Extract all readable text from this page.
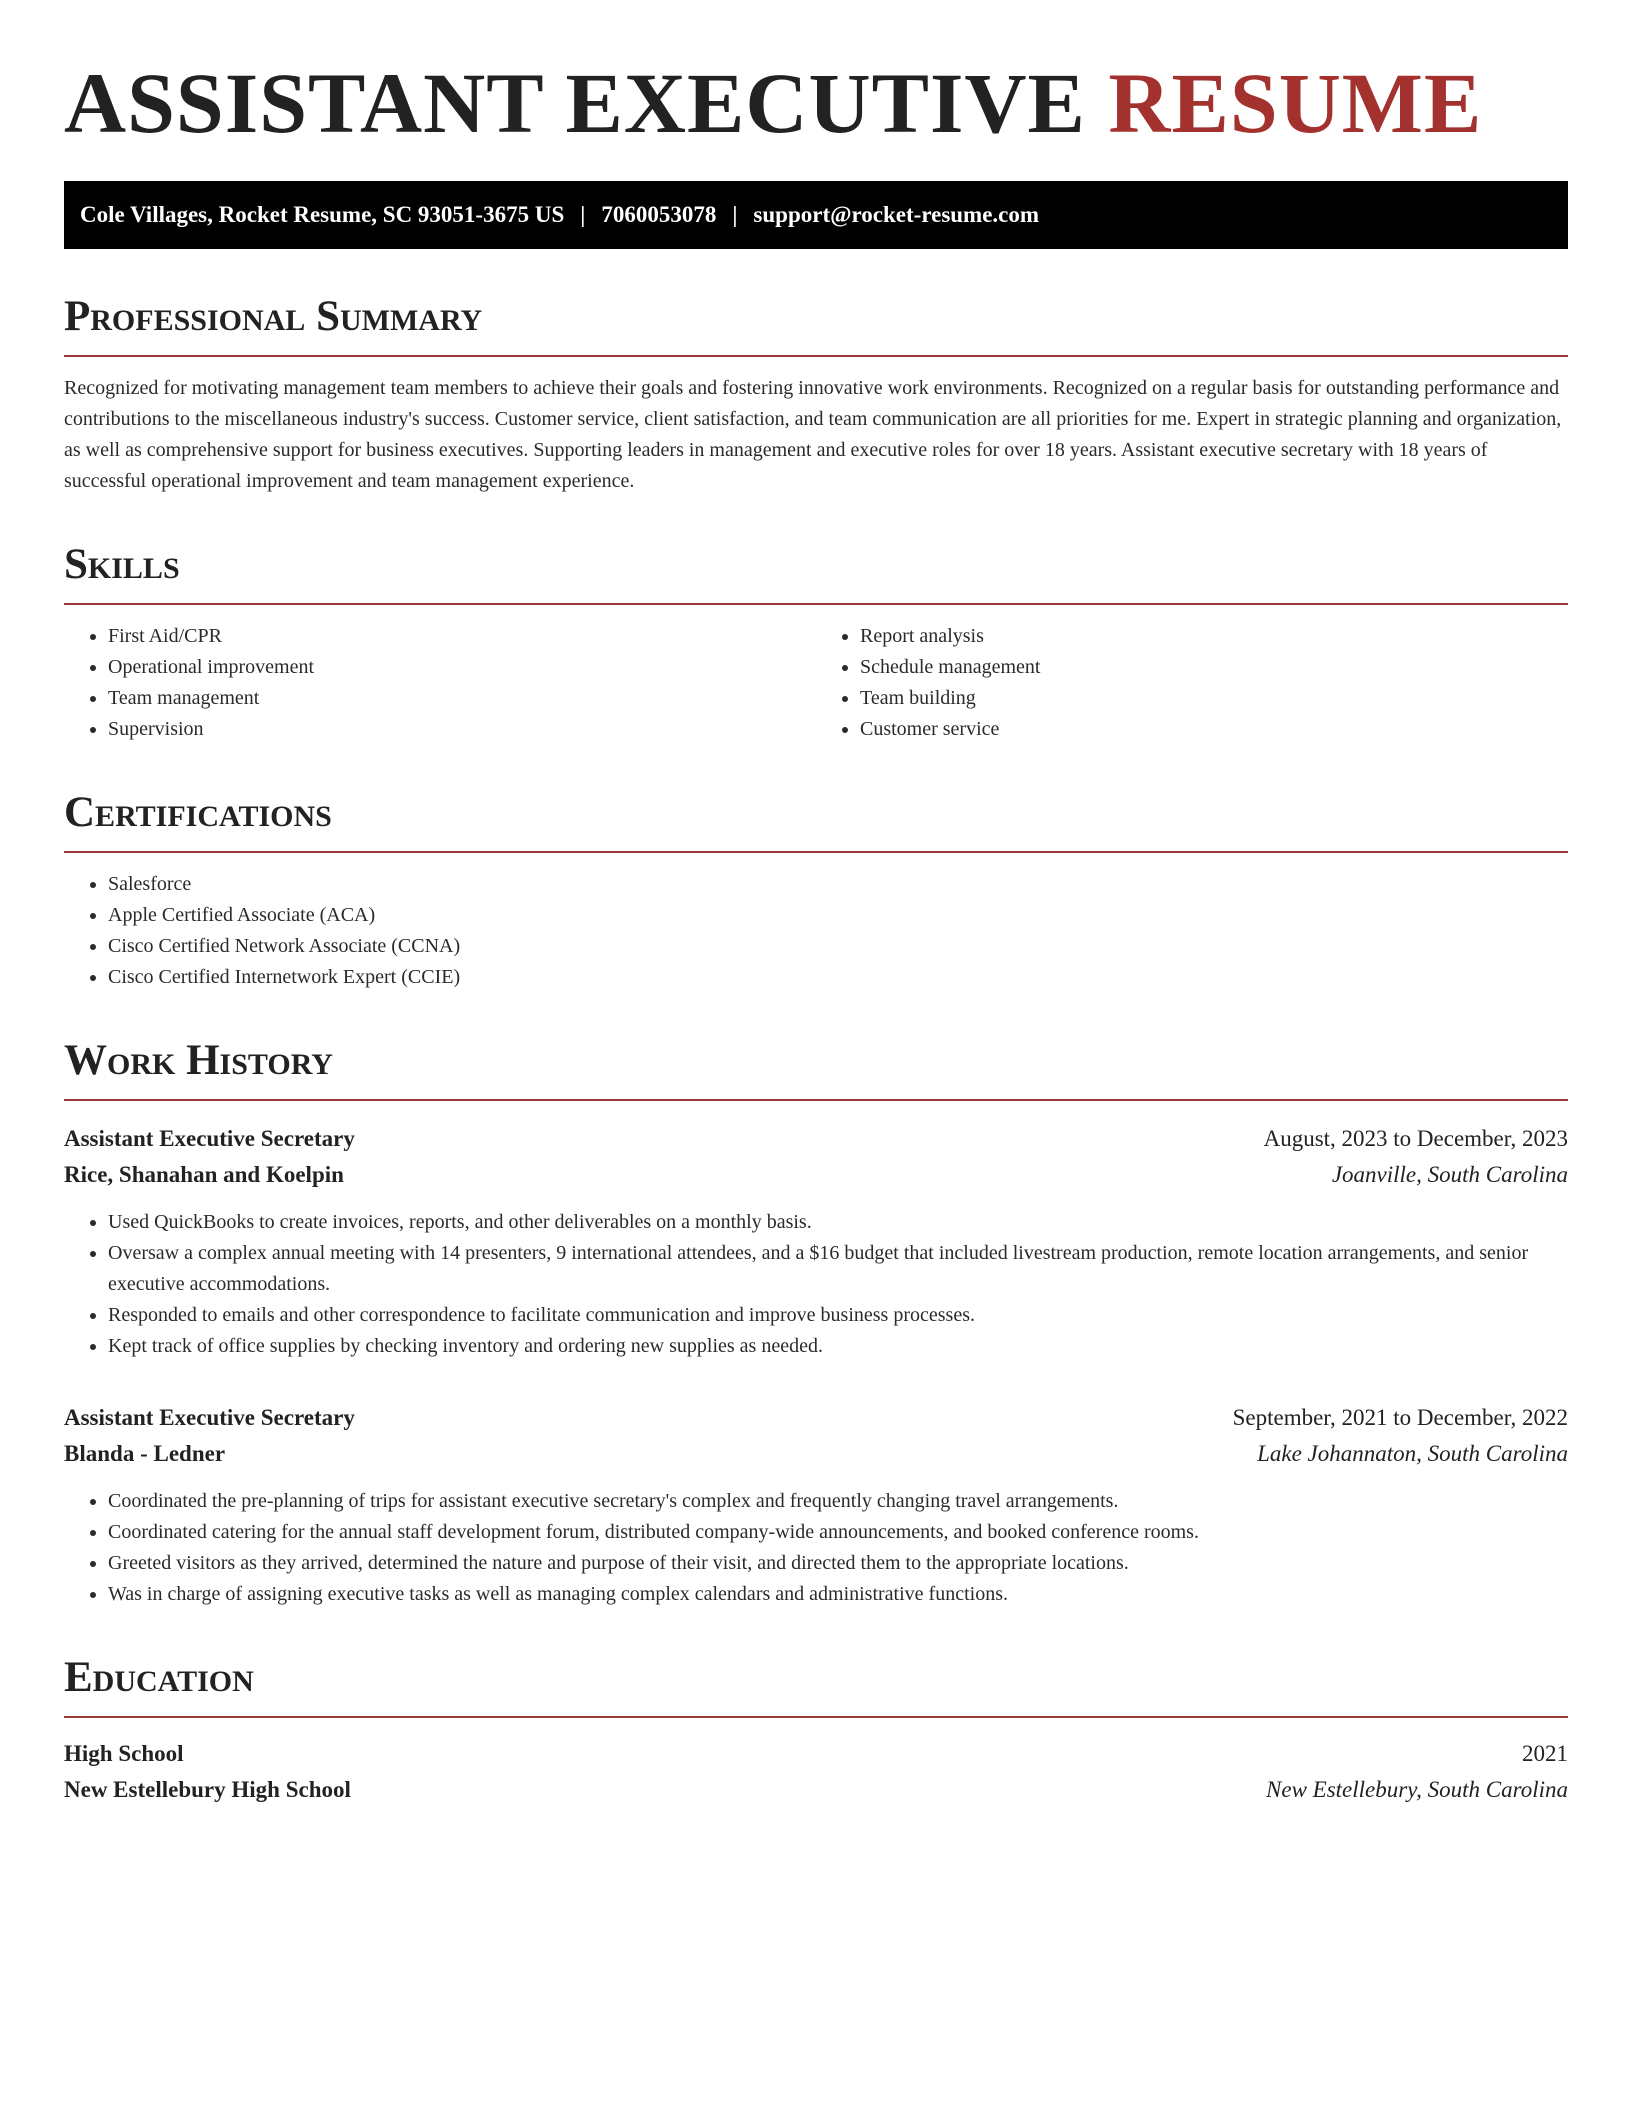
ASSISTANT EXECUTIVE RESUME
Cole Villages, Rocket Resume, SC 93051-3675 US | 7060053078 | support@rocket-resume.com
Professional Summary

Recognized for motivating management team members to achieve their goals and fostering innovative work environments. Recognized on a regular basis for outstanding performance and contributions to the miscellaneous industry's success. Customer service, client satisfaction, and team communication are all priorities for me. Expert in strategic planning and organization, as well as comprehensive support for business executives. Supporting leaders in management and executive roles for over 18 years. Assistant executive secretary with 18 years of successful operational improvement and team management experience.

Skills
• First Aid/CPR
• Operational improvement
• Team management
• Supervision
• Report analysis
• Schedule management
• Team building
• Customer service
Certifications
• Salesforce
• Apple Certified Associate (ACA)
• Cisco Certified Network Associate (CCNA)
• Cisco Certified Internetwork Expert (CCIE)
Work History
Assistant Executive Secretary	August, 2023 to December, 2023
Rice, Shanahan and Koelpin	Joanville, South Carolina
• Used QuickBooks to create invoices, reports, and other deliverables on a monthly basis.
• Oversaw a complex annual meeting with 14 presenters, 9 international attendees, and a $16 budget that included livestream production, remote location arrangements, and senior executive accommodations.
• Responded to emails and other correspondence to facilitate communication and improve business processes.
• Kept track of office supplies by checking inventory and ordering new supplies as needed.
Assistant Executive Secretary	September, 2021 to December, 2022
Blanda - Ledner	Lake Johannaton, South Carolina
• Coordinated the pre-planning of trips for assistant executive secretary's complex and frequently changing travel arrangements.
• Coordinated catering for the annual staff development forum, distributed company-wide announcements, and booked conference rooms.
• Greeted visitors as they arrived, determined the nature and purpose of their visit, and directed them to the appropriate locations.
• Was in charge of assigning executive tasks as well as managing complex calendars and administrative functions.
Education
High School	2021
New Estellebury High School	New Estellebury, South Carolina
